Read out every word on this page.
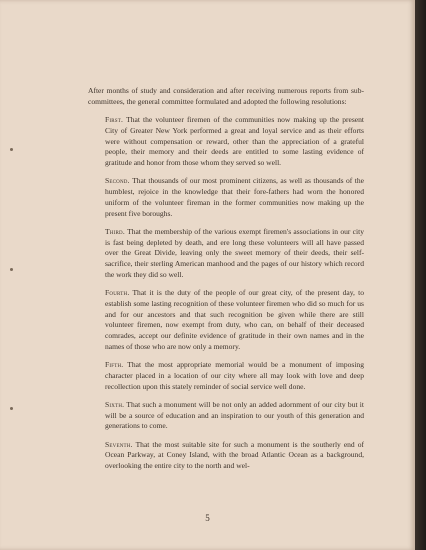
After months of study and consideration and after receiving numerous reports from sub-committees, the general committee formulated and adopted the following resolutions:

First. That the volunteer firemen of the communities now making up the present City of Greater New York performed a great and loyal service and as their efforts were without compensation or reward, other than the appreciation of a grateful people, their memory and their deeds are entitled to some lasting evidence of gratitude and honor from those whom they served so well.

Second. That thousands of our most prominent citizens, as well as thousands of the humblest, rejoice in the knowledge that their fore-fathers had worn the honored uniform of the volunteer fireman in the former communities now making up the present five boroughs.

Third. That the membership of the various exempt firemen's associations in our city is fast being depleted by death, and ere long these volunteers will all have passed over the Great Divide, leaving only the sweet memory of their deeds, their self-sacrifice, their sterling American manhood and the pages of our history which record the work they did so well.

Fourth. That it is the duty of the people of our great city, of the present day, to establish some lasting recognition of these volunteer firemen who did so much for us and for our ancestors and that such recognition be given while there are still volunteer firemen, now exempt from duty, who can, on behalf of their deceased comrades, accept our definite evidence of gratitude in their own names and in the names of those who are now only a memory.

Fifth. That the most appropriate memorial would be a monument of imposing character placed in a location of our city where all may look with love and deep recollection upon this stately reminder of social service well done.

Sixth. That such a monument will be not only an added adornment of our city but it will be a source of education and an inspiration to our youth of this generation and generations to come.

Seventh. That the most suitable site for such a monument is the southerly end of Ocean Parkway, at Coney Island, with the broad Atlantic Ocean as a background, overlooking the entire city to the north and wel-

5
